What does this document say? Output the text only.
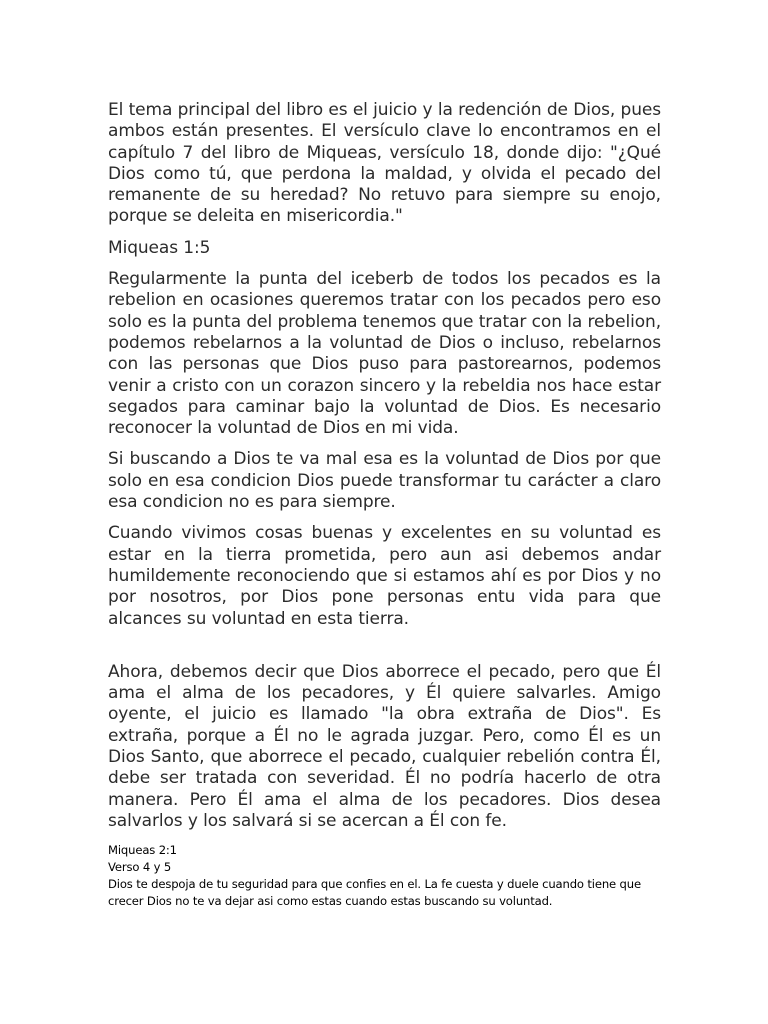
El tema principal del libro es el juicio y la redención de Dios, pues ambos están presentes. El versículo clave lo encontramos en el capítulo 7 del libro de Miqueas, versículo 18, donde dijo: "¿Qué Dios como tú, que perdona la maldad, y olvida el pecado del remanente de su heredad? No retuvo para siempre su enojo, porque se deleita en misericordia."

Miqueas 1:5

Regularmente la punta del iceberb de todos los pecados es la rebelion en ocasiones queremos tratar con los pecados pero eso solo es la punta del problema tenemos que tratar con la rebelion, podemos rebelarnos a la voluntad de Dios o incluso, rebelarnos con las personas que Dios puso para pastorearnos, podemos venir a cristo con un corazon sincero y la rebeldia nos hace estar segados para caminar bajo la voluntad de Dios. Es necesario reconocer la voluntad de Dios en mi vida.

Si buscando a Dios te va mal esa es la voluntad de Dios por que solo en esa condicion Dios puede transformar tu carácter a claro esa condicion no es para siempre.

Cuando vivimos cosas buenas y excelentes en su voluntad es estar en la tierra prometida, pero aun asi debemos andar humildemente reconociendo que si estamos ahí es por Dios y no por nosotros, por Dios pone personas entu vida para que alcances su voluntad en esta tierra.

Ahora, debemos decir que Dios aborrece el pecado, pero que Él ama el alma de los pecadores, y Él quiere salvarles. Amigo oyente, el juicio es llamado "la obra extraña de Dios". Es extraña, porque a Él no le agrada juzgar. Pero, como Él es un Dios Santo, que aborrece el pecado, cualquier rebelión contra Él, debe ser tratada con severidad. Él no podría hacerlo de otra manera. Pero Él ama el alma de los pecadores. Dios desea salvarlos y los salvará si se acercan a Él con fe.

Miqueas 2:1

Verso 4 y 5

Dios te despoja de tu seguridad para que confies en el. La fe cuesta y duele cuando tiene que crecer Dios no te va dejar asi como estas cuando estas buscando su voluntad.
